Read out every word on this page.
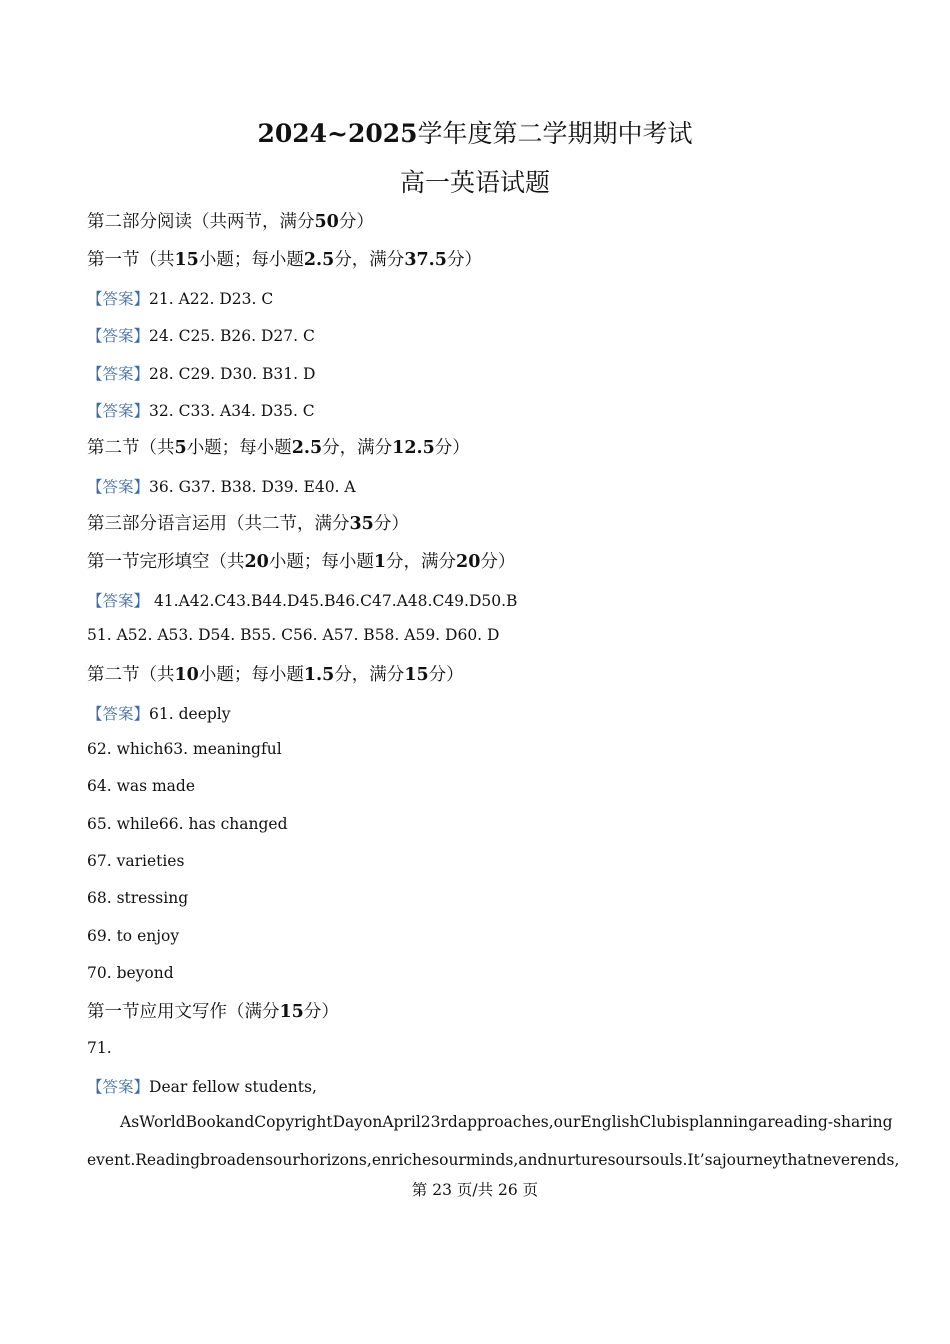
2024~2025学年度第二学期期中考试
高一英语试题
第二部分阅读（共两节，满分50分）
第一节（共15小题；每小题2.5分，满分37.5分）
【答案】21. A22. D23. C
【答案】24. C25. B26. D27. C
【答案】28. C29. D30. B31. D
【答案】32. C33. A34. D35. C
第二节（共5小题；每小题2.5分，满分12.5分）
【答案】36. G37. B38. D39. E40. A
第三部分语言运用（共二节，满分35分）
第一节完形填空（共20小题；每小题1分，满分20分）
【答案】 41.A42.C43.B44.D45.B46.C47.A48.C49.D50.B
51. A52. A53. D54. B55. C56. A57. B58. A59. D60. D
第二节（共10小题；每小题1.5分，满分15分）
【答案】61. deeply
62. which63. meaningful
64. was made
65. while66. has changed
67. varieties
68. stressing
69. to enjoy
70. beyond
第一节应用文写作（满分15分）
71.
【答案】Dear fellow students,
AsWorldBookandCopyrightDayonApril23rdapproaches,ourEnglishClubisplanningareading-sharing
event.Readingbroadensourhorizons,enrichesourminds,andnurturesoursouls.It’sajourneythatneverends,
第 23 页/共 26 页
